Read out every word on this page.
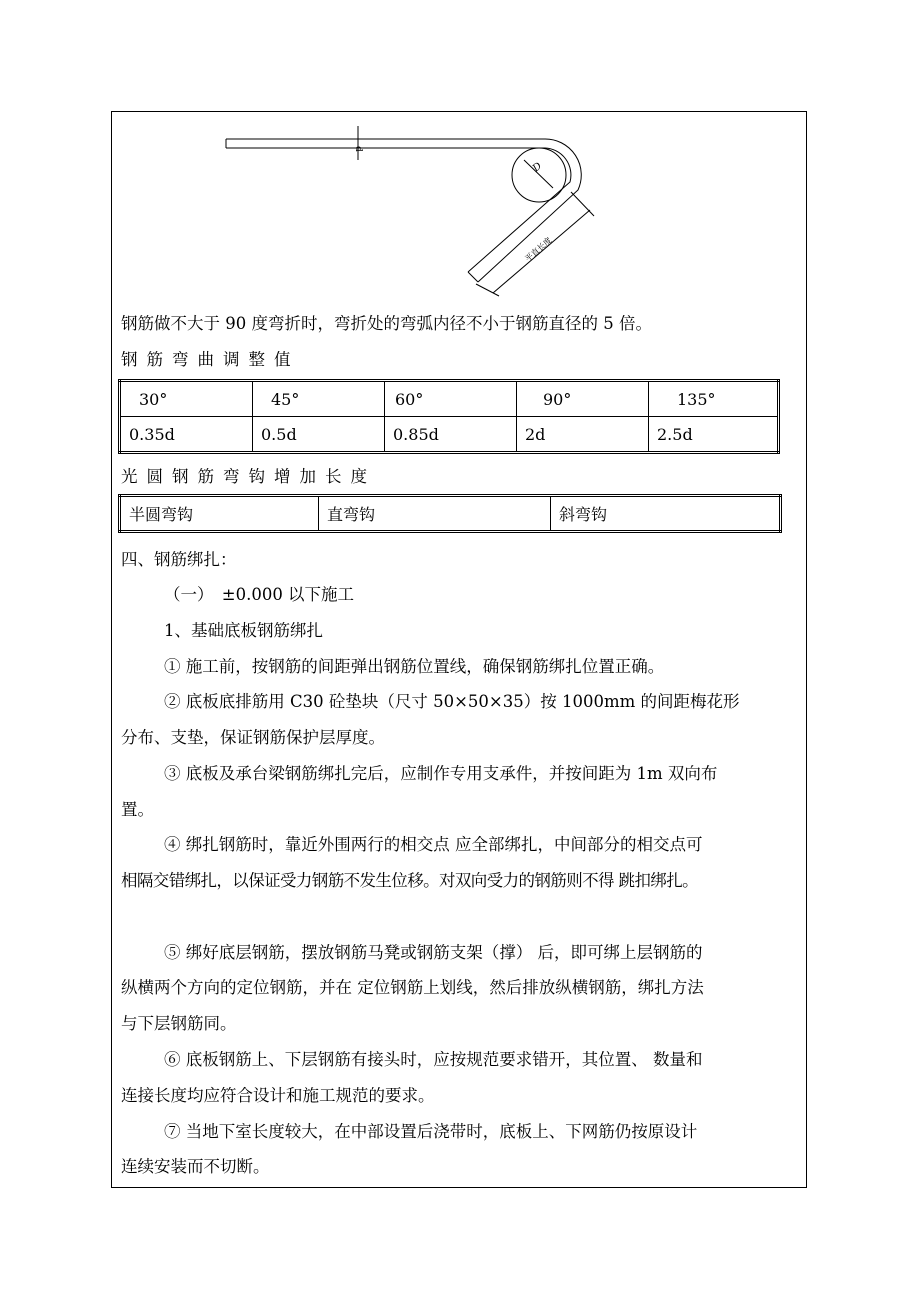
d
D
平直长度
钢筋做不大于 90 度弯折时，弯折处的弯弧内径不小于钢筋直径的 5 倍。
钢筋弯曲调整值
30°	45°	60°	90°	135°
0.35d	0.5d	0.85d	2d	2.5d
光圆钢筋弯钩增加长度
半圆弯钩	直弯钩	斜弯钩
四、钢筋绑扎：
（一）　±0.000 以下施工
1、基础底板钢筋绑扎
① 施工前，按钢筋的间距弹出钢筋位置线，确保钢筋绑扎位置正确。
② 底板底排筋用 C30 砼垫块（尺寸 50×50×35）按 1000mm 的间距梅花形
分布、支垫，保证钢筋保护层厚度。
③ 底板及承台梁钢筋绑扎完后，应制作专用支承件，并按间距为 1m 双向布
置。
④ 绑扎钢筋时，靠近外围两行的相交点 应全部绑扎，中间部分的相交点可
相隔交错绑扎，以保证受力钢筋不发生位移。对双向受力的钢筋则不得 跳扣绑扎。
⑤ 绑好底层钢筋，摆放钢筋马凳或钢筋支架（撑） 后，即可绑上层钢筋的
纵横两个方向的定位钢筋，并在 定位钢筋上划线，然后排放纵横钢筋，绑扎方法
与下层钢筋同。
⑥ 底板钢筋上、下层钢筋有接头时，应按规范要求错开，其位置、 数量和
连接长度均应符合设计和施工规范的要求。
⑦ 当地下室长度较大，在中部设置后浇带时，底板上、下网筋仍按原设计
连续安装而不切断。
